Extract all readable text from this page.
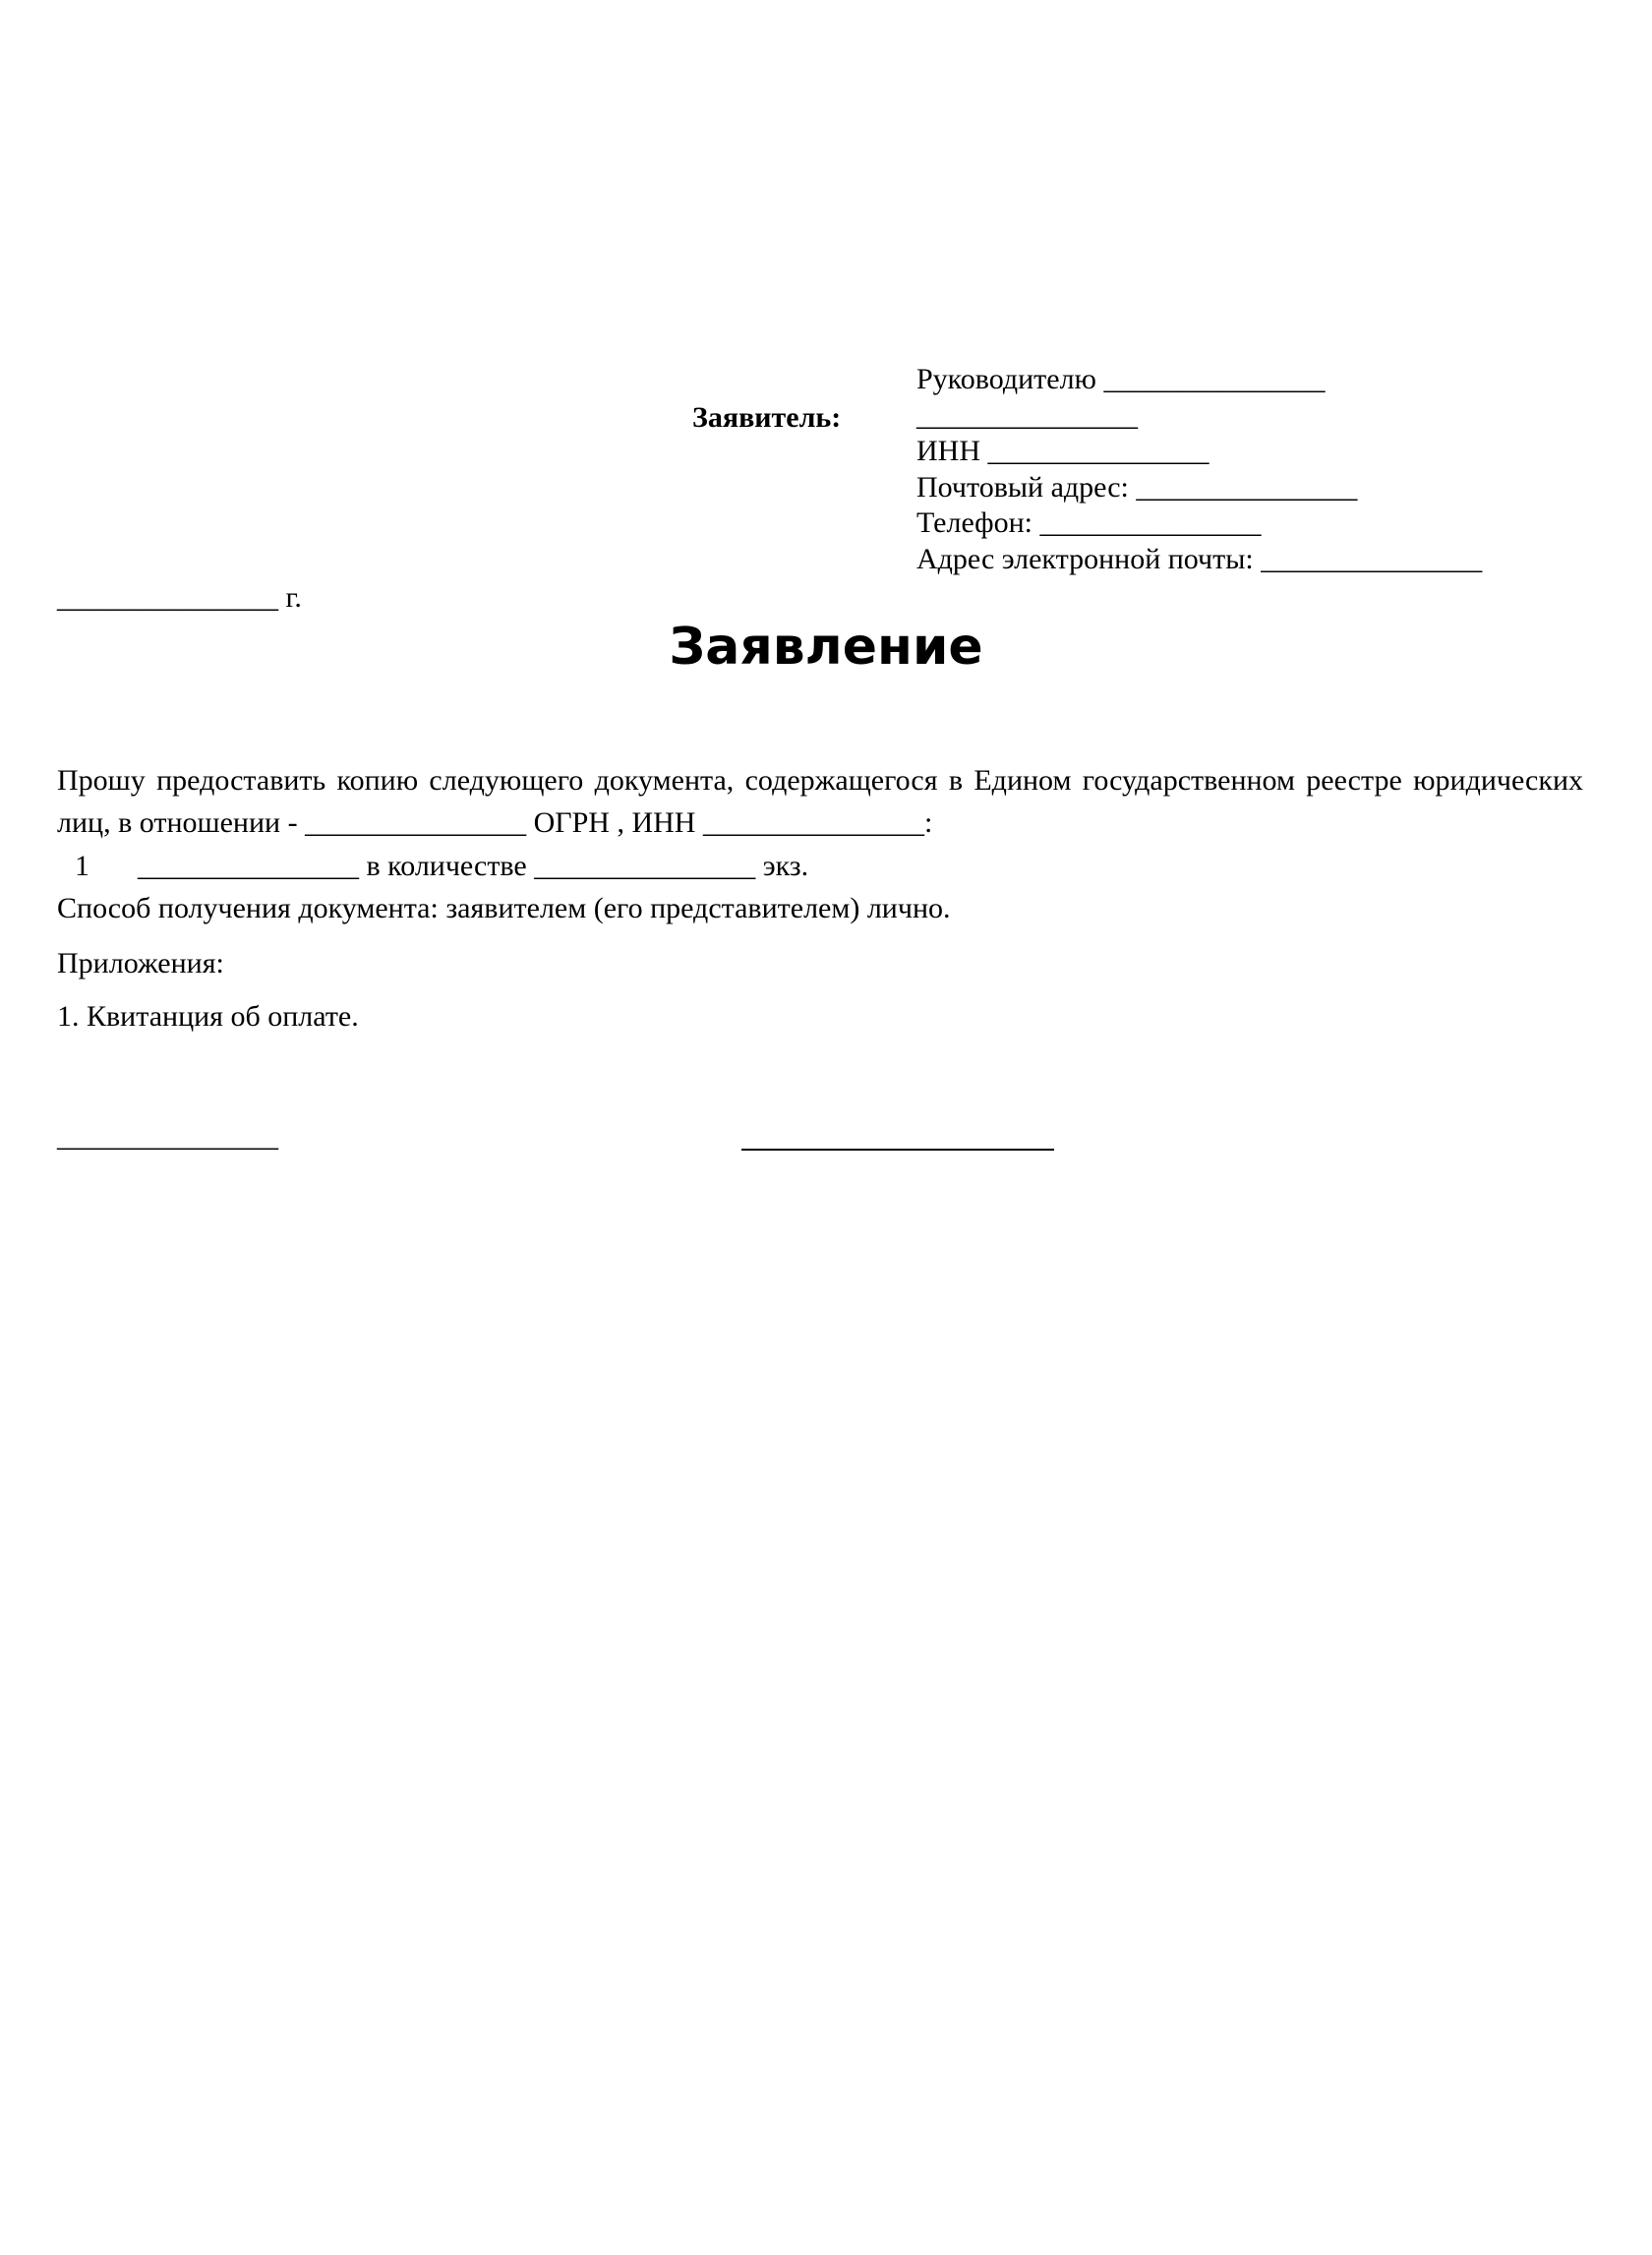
Заявитель:
Руководителю _______________
_______________
ИНН _______________
Почтовый адрес: _______________
Телефон: _______________
Адрес электронной почты: _______________
_______________ г.
Заявление

Прошу предоставить копию следующего документа, содержащегося в Едином государственном реестре юридических лиц, в отношении - _______________ ОГРН , ИНН _______________:

1	_______________ в количестве _______________ экз.

Способ получения документа: заявителем (его представителем) лично.

Приложения:

1. Квитанция об оплате.

_______________
